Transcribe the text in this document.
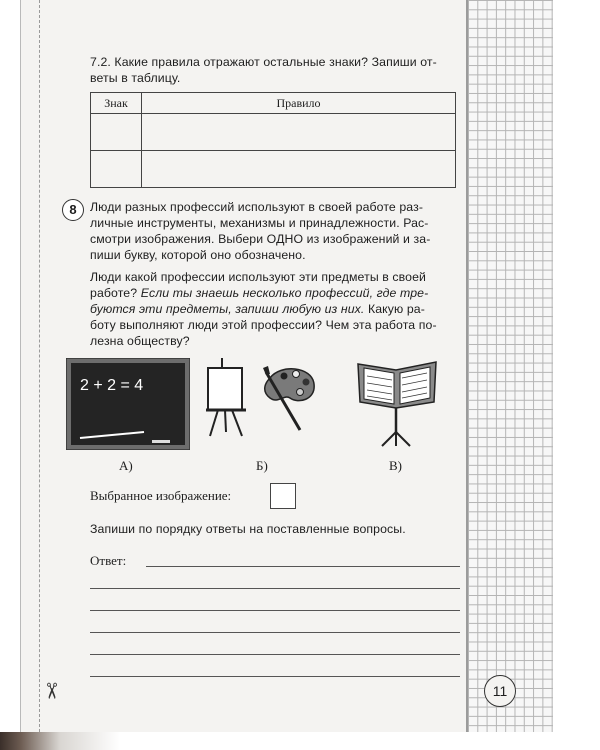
✂
7.2. Какие правила отражают остальные знаки? Запиши от-
веты в таблицу.
Знак	Правило

8	Люди разных профессий используют в своей работе раз-
личные инструменты, механизмы и принадлежности. Рас-
смотри изображения. Выбери ОДНО из изображений и за-
пиши букву, которой оно обозначено.
Люди какой профессии используют эти предметы в своей
работе? Если ты знаешь несколько профессий, где тре-
буются эти предметы, запиши любую из них. Какую ра-
боту выполняют люди этой профессии? Чем эта работа по-
лезна обществу?
2 + 2 = 4
А)	Б)	В)
Выбранное изображение:
Запиши по порядку ответы на поставленные вопросы.
Ответ:
11
